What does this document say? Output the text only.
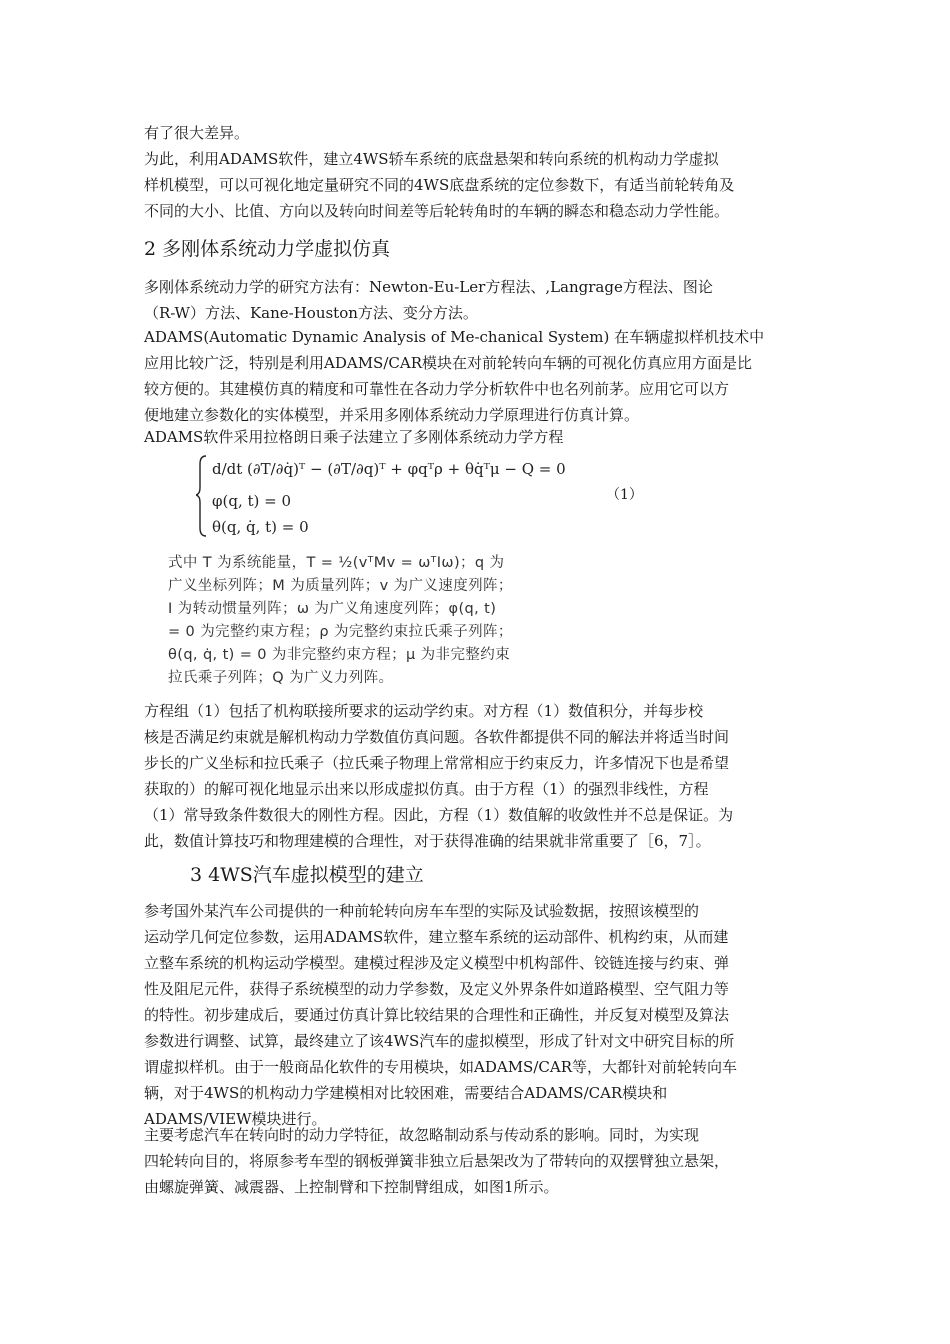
有了很大差异。
为此，利用ADAMS软件，建立4WS轿车系统的底盘悬架和转向系统的机构动力学虚拟
样机模型，可以可视化地定量研究不同的4WS底盘系统的定位参数下，有适当前轮转角及
不同的大小、比值、方向以及转向时间差等后轮转角时的车辆的瞬态和稳态动力学性能。
2 多刚体系统动力学虚拟仿真
多刚体系统动力学的研究方法有：Newton-Eu-Ler方程法、,Langrage方程法、图论
（R-W）方法、Kane-Houston方法、变分方法。
ADAMS(Automatic Dynamic Analysis of Me-chanical System) 在车辆虚拟样机技术中
应用比较广泛，特别是利用ADAMS/CAR模块在对前轮转向车辆的可视化仿真应用方面是比
较方便的。其建模仿真的精度和可靠性在各动力学分析软件中也名列前茅。应用它可以方
便地建立参数化的实体模型，并采用多刚体系统动力学原理进行仿真计算。
ADAMS软件采用拉格朗日乘子法建立了多刚体系统动力学方程
d/dt (∂T/∂q̇)ᵀ − (∂T/∂q)ᵀ + φqᵀρ + θq̇ᵀμ − Q = 0
φ(q, t) = 0
θ(q, q̇, t) = 0
（1）
式中 T 为系统能量，T = ½(vᵀMv = ωᵀIω)；q 为
广义坐标列阵；M 为质量列阵；v 为广义速度列阵；
I 为转动惯量列阵；ω 为广义角速度列阵；φ(q, t)
= 0 为完整约束方程；ρ 为完整约束拉氏乘子列阵；
θ(q, q̇, t) = 0 为非完整约束方程；μ 为非完整约束
拉氏乘子列阵；Q 为广义力列阵。
方程组（1）包括了机构联接所要求的运动学约束。对方程（1）数值积分，并每步校
核是否满足约束就是解机构动力学数值仿真问题。各软件都提供不同的解法并将适当时间
步长的广义坐标和拉氏乘子（拉氏乘子物理上常常相应于约束反力，许多情况下也是希望
获取的）的解可视化地显示出来以形成虚拟仿真。由于方程（1）的强烈非线性，方程
（1）常导致条件数很大的刚性方程。因此，方程（1）数值解的收敛性并不总是保证。为
此，数值计算技巧和物理建模的合理性，对于获得准确的结果就非常重要了［6，7］。
3 4WS汽车虚拟模型的建立
参考国外某汽车公司提供的一种前轮转向房车车型的实际及试验数据，按照该模型的
运动学几何定位参数，运用ADAMS软件，建立整车系统的运动部件、机构约束，从而建
立整车系统的机构运动学模型。建模过程涉及定义模型中机构部件、铰链连接与约束、弹
性及阻尼元件，获得子系统模型的动力学参数，及定义外界条件如道路模型、空气阻力等
的特性。初步建成后，要通过仿真计算比较结果的合理性和正确性，并反复对模型及算法
参数进行调整、试算，最终建立了该4WS汽车的虚拟模型，形成了针对文中研究目标的所
谓虚拟样机。由于一般商品化软件的专用模块，如ADAMS/CAR等，大都针对前轮转向车
辆，对于4WS的机构动力学建模相对比较困难，需要结合ADAMS/CAR模块和
ADAMS/VIEW模块进行。
主要考虑汽车在转向时的动力学特征，故忽略制动系与传动系的影响。同时，为实现
四轮转向目的，将原参考车型的钢板弹簧非独立后悬架改为了带转向的双摆臂独立悬架，
由螺旋弹簧、减震器、上控制臂和下控制臂组成，如图1所示。
